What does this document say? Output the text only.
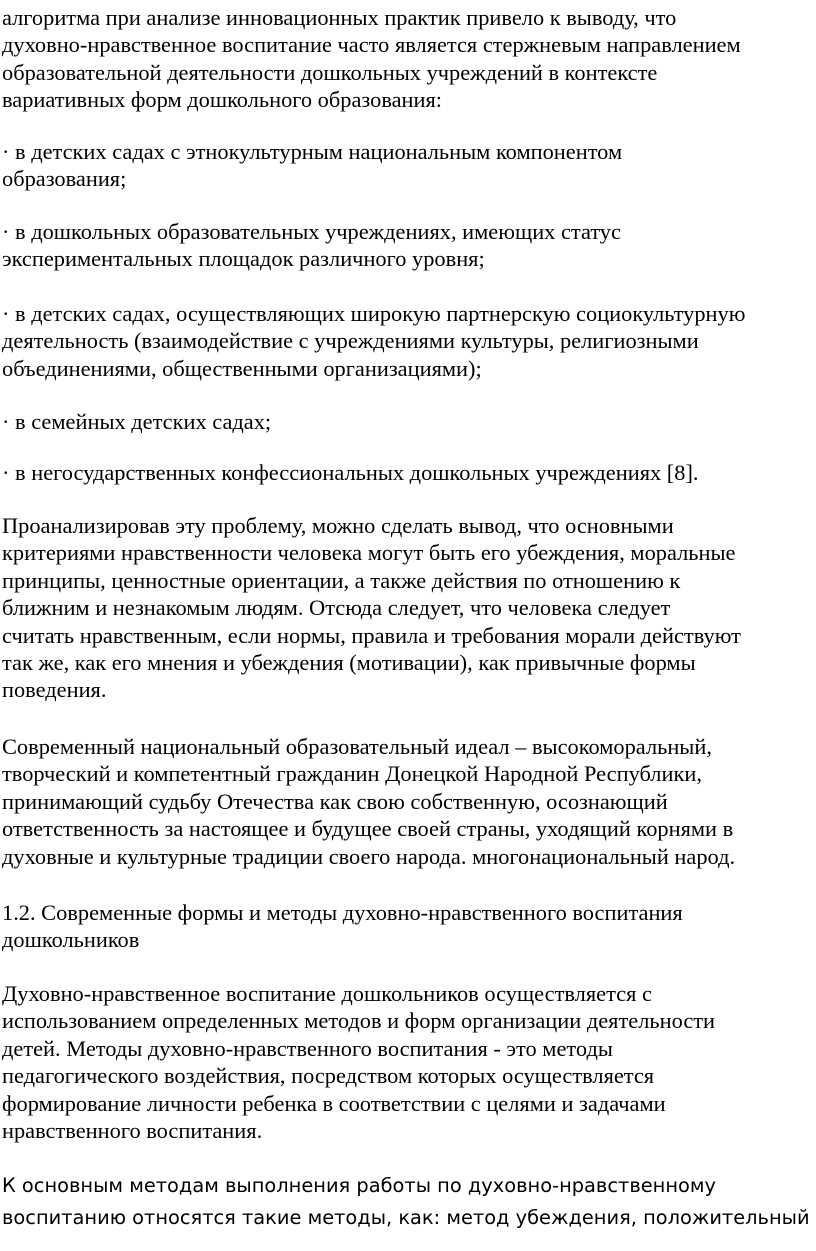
алгоритма при анализе инновационных практик привело к выводу, что
духовно-нравственное воспитание часто является стержневым направлением
образовательной деятельности дошкольных учреждений в контексте
вариативных форм дошкольного образования:
· в детских садах с этнокультурным национальным компонентом
образования;
· в дошкольных образовательных учреждениях, имеющих статус
экспериментальных площадок различного уровня;
· в детских садах, осуществляющих широкую партнерскую социокультурную
деятельность (взаимодействие с учреждениями культуры, религиозными
объединениями, общественными организациями);
· в семейных детских садах;
· в негосударственных конфессиональных дошкольных учреждениях [8].
Проанализировав эту проблему, можно сделать вывод, что основными
критериями нравственности человека могут быть его убеждения, моральные
принципы, ценностные ориентации, а также действия по отношению к
ближним и незнакомым людям. Отсюда следует, что человека следует
считать нравственным, если нормы, правила и требования морали действуют
так же, как его мнения и убеждения (мотивации), как привычные формы
поведения.
Современный национальный образовательный идеал – высокоморальный,
творческий и компетентный гражданин Донецкой Народной Республики,
принимающий судьбу Отечества как свою собственную, осознающий
ответственность за настоящее и будущее своей страны, уходящий корнями в
духовные и культурные традиции своего народа. многонациональный народ.
1.2. Современные формы и методы духовно-нравственного воспитания
дошкольников
Духовно-нравственное воспитание дошкольников осуществляется с
использованием определенных методов и форм организации деятельности
детей. Методы духовно-нравственного воспитания - это методы
педагогического воздействия, посредством которых осуществляется
формирование личности ребенка в соответствии с целями и задачами
нравственного воспитания.
К основным методам выполнения работы по духовно-нравственному
воспитанию относятся такие методы, как: метод убеждения, положительный
